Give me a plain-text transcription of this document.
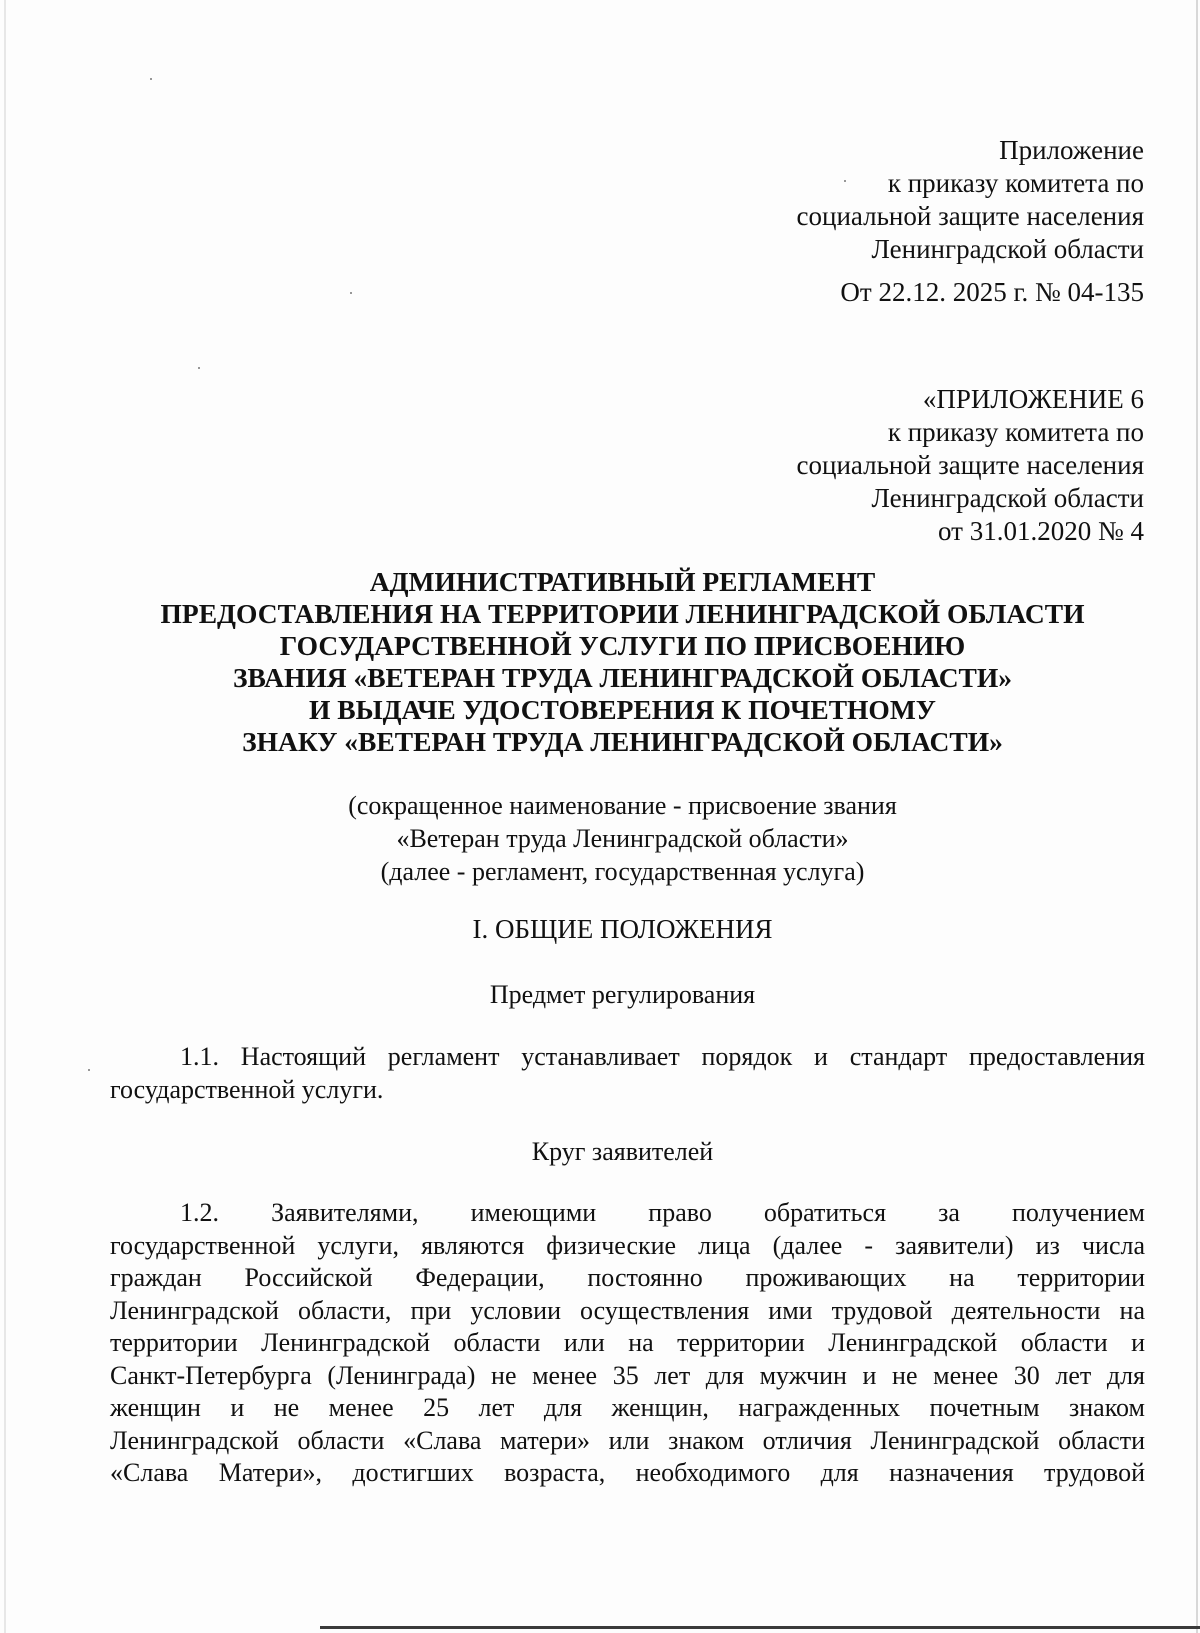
Приложение
к приказу комитета по
социальной защите населения
Ленинградской области
От 22.12. 2025 г. № 04-135
«ПРИЛОЖЕНИЕ 6
к приказу комитета по
социальной защите населения
Ленинградской области
от 31.01.2020 № 4
АДМИНИСТРАТИВНЫЙ РЕГЛАМЕНТ
ПРЕДОСТАВЛЕНИЯ НА ТЕРРИТОРИИ ЛЕНИНГРАДСКОЙ ОБЛАСТИ
ГОСУДАРСТВЕННОЙ УСЛУГИ ПО ПРИСВОЕНИЮ
ЗВАНИЯ «ВЕТЕРАН ТРУДА ЛЕНИНГРАДСКОЙ ОБЛАСТИ»
И ВЫДАЧЕ УДОСТОВЕРЕНИЯ К ПОЧЕТНОМУ
ЗНАКУ «ВЕТЕРАН ТРУДА ЛЕНИНГРАДСКОЙ ОБЛАСТИ»
(сокращенное наименование - присвоение звания
«Ветеран труда Ленинградской области»
(далее - регламент, государственная услуга)
I. ОБЩИЕ ПОЛОЖЕНИЯ
Предмет регулирования
1.1. Настоящий регламент устанавливает порядок и стандарт предоставления
государственной услуги.
Круг заявителей
1.2. Заявителями, имеющими право обратиться за получением
государственной услуги, являются физические лица (далее - заявители) из числа
граждан Российской Федерации, постоянно проживающих на территории
Ленинградской области, при условии осуществления ими трудовой деятельности на
территории Ленинградской области или на территории Ленинградской области и
Санкт-Петербурга (Ленинграда) не менее 35 лет для мужчин и не менее 30 лет для
женщин и не менее 25 лет для женщин, награжденных почетным знаком
Ленинградской области «Слава матери» или знаком отличия Ленинградской области
«Слава Матери», достигших возраста, необходимого для назначения трудовой
